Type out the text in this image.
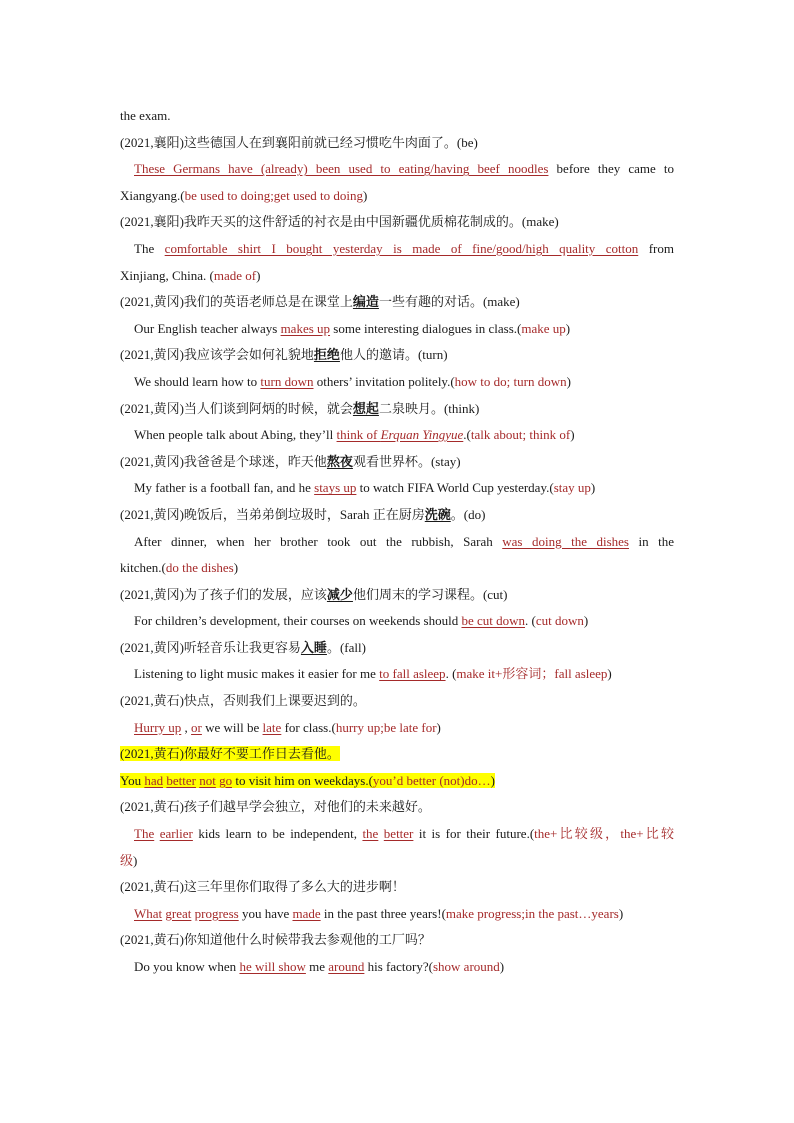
the exam.
(2021,襄阳)这些德国人在到襄阳前就已经习惯吃牛肉面了。(be)
These Germans have (already) been used to eating/having beef noodles before they came to
Xiangyang.(be used to doing;get used to doing)
(2021,襄阳)我昨天买的这件舒适的衬衣是由中国新疆优质棉花制成的。(make)
The comfortable shirt I bought yesterday is made of fine/good/high quality cotton from
Xinjiang, China. (made of)
(2021,黄冈)我们的英语老师总是在课堂上编造一些有趣的对话。(make)
Our English teacher always makes up some interesting dialogues in class.(make up)
(2021,黄冈)我应该学会如何礼貌地拒绝他人的邀请。(turn)
We should learn how to turn down others’ invitation politely.(how to do; turn down)
(2021,黄冈)当人们谈到阿炳的时候，就会想起二泉映月。(think)
When people talk about Abing, they’ll think of Erquan Yingyue.(talk about; think of)
(2021,黄冈)我爸爸是个球迷，昨天他熬夜观看世界杯。(stay)
My father is a football fan, and he stays up to watch FIFA World Cup yesterday.(stay up)
(2021,黄冈)晚饭后，当弟弟倒垃圾时，Sarah 正在厨房洗碗。(do)
After dinner, when her brother took out the rubbish, Sarah was doing the dishes in the
kitchen.(do the dishes)
(2021,黄冈)为了孩子们的发展，应该减少他们周末的学习课程。(cut)
For children’s development, their courses on weekends should be cut down. (cut down)
(2021,黄冈)听轻音乐让我更容易入睡。(fall)
Listening to light music makes it easier for me to fall asleep. (make it+形容词；fall asleep)
(2021,黄石)快点，否则我们上课要迟到的。
Hurry up , or we will be late for class.(hurry up;be late for)
(2021,黄石)你最好不要工作日去看他。
You had better not go to visit him on weekdays.(you’d better (not)do…)
(2021,黄石)孩子们越早学会独立，对他们的未来越好。
The earlier kids learn to be independent, the better it is for their future.(the+比较级，the+比较
级)
(2021,黄石)这三年里你们取得了多么大的进步啊！
What great progress you have made in the past three years!(make progress;in the past…years)
(2021,黄石)你知道他什么时候带我去参观他的工厂吗？
Do you know when he will show me around his factory?(show around)
